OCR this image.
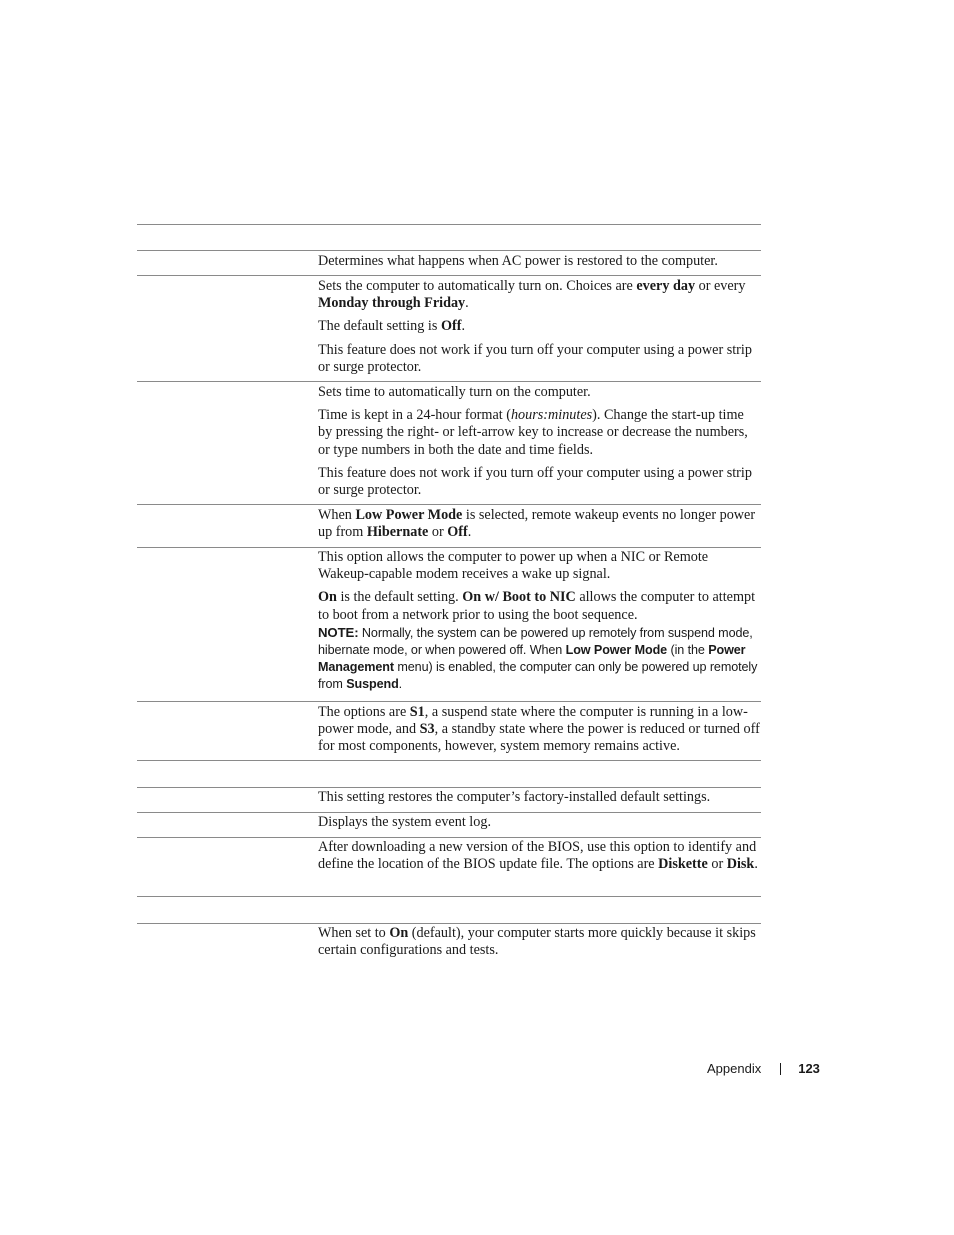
Determines what happens when AC power is restored to the computer.

Sets the computer to automatically turn on. Choices are every day or every Monday through Friday.

The default setting is Off.

This feature does not work if you turn off your computer using a power strip or surge protector.

Sets time to automatically turn on the computer.

Time is kept in a 24-hour format (hours:minutes). Change the start-up time by pressing the right- or left-arrow key to increase or decrease the numbers, or type numbers in both the date and time fields.

This feature does not work if you turn off your computer using a power strip or surge protector.

When Low Power Mode is selected, remote wakeup events no longer power up from Hibernate or Off.

This option allows the computer to power up when a NIC or Remote Wakeup-capable modem receives a wake up signal.

On is the default setting. On w/ Boot to NIC allows the computer to attempt to boot from a network prior to using the boot sequence.

NOTE: Normally, the system can be powered up remotely from suspend mode, hibernate mode, or when powered off. When Low Power Mode (in the Power Management menu) is enabled, the computer can only be powered up remotely from Suspend.

The options are S1, a suspend state where the computer is running in a low-power mode, and S3, a standby state where the power is reduced or turned off for most components, however, system memory remains active.

This setting restores the computer’s factory-installed default settings.

Displays the system event log.

After downloading a new version of the BIOS, use this option to identify and define the location of the BIOS update file. The options are Diskette or Disk.

When set to On (default), your computer starts more quickly because it skips certain configurations and tests.

Appendix	123
